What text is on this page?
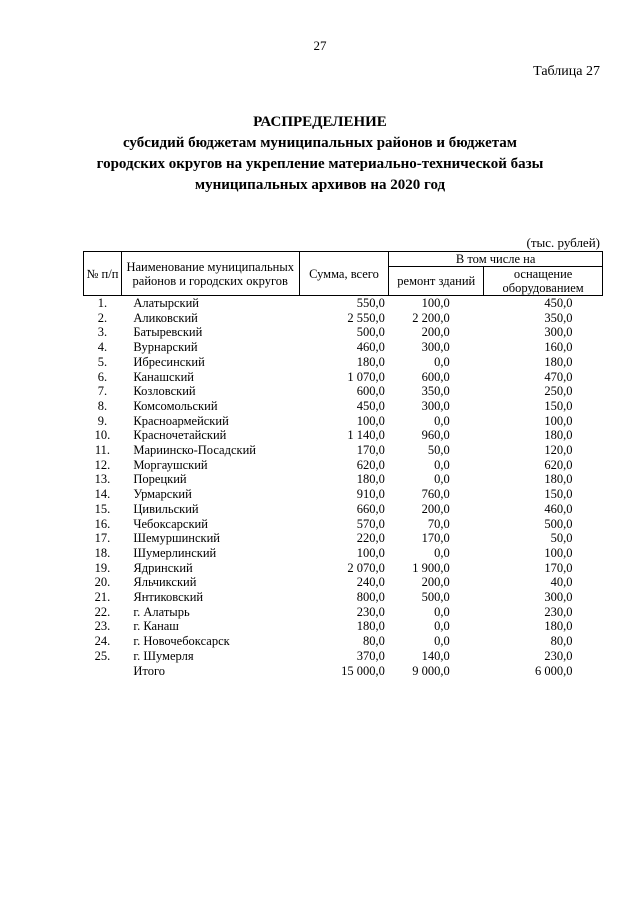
27
Таблица 27
РАСПРЕДЕЛЕНИЕ
субсидий бюджетам муниципальных районов и бюджетам
городских округов на укрепление материально-технической базы
муниципальных архивов на 2020 год
(тыс. рублей)
№ п/п	Наименование муниципальных районов и городских округов	Сумма, всего	В том числе на	
			ремонт зданий	оснащение оборудованием
1.	Алатырский	550,0	100,0	450,0
2.	Аликовский	2 550,0	2 200,0	350,0
3.	Батыревский	500,0	200,0	300,0
4.	Вурнарский	460,0	300,0	160,0
5.	Ибресинский	180,0	0,0	180,0
6.	Канашский	1 070,0	600,0	470,0
7.	Козловский	600,0	350,0	250,0
8.	Комсомольский	450,0	300,0	150,0
9.	Красноармейский	100,0	0,0	100,0
10.	Красночетайский	1 140,0	960,0	180,0
11.	Мариинско-Посадский	170,0	50,0	120,0
12.	Моргаушский	620,0	0,0	620,0
13.	Порецкий	180,0	0,0	180,0
14.	Урмарский	910,0	760,0	150,0
15.	Цивильский	660,0	200,0	460,0
16.	Чебоксарский	570,0	70,0	500,0
17.	Шемуршинский	220,0	170,0	50,0
18.	Шумерлинский	100,0	0,0	100,0
19.	Ядринский	2 070,0	1 900,0	170,0
20.	Яльчикский	240,0	200,0	40,0
21.	Янтиковский	800,0	500,0	300,0
22.	г. Алатырь	230,0	0,0	230,0
23.	г. Канаш	180,0	0,0	180,0
24.	г. Новочебоксарск	80,0	0,0	80,0
25.	г. Шумерля	370,0	140,0	230,0
	Итого	15 000,0	9 000,0	6 000,0
